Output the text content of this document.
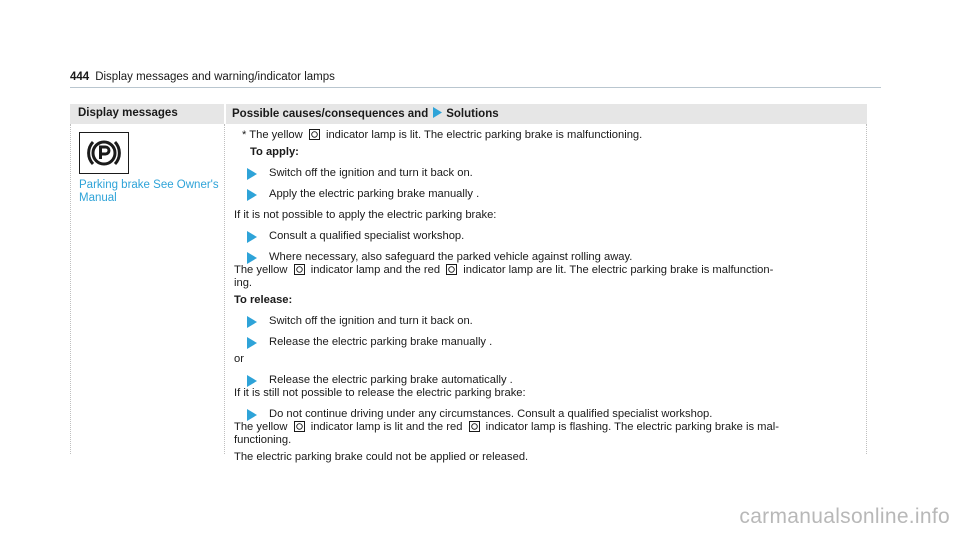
444 Display messages and warning/indicator lamps
Display messages	Possible causes/consequences and Solutions
Parking brake See Owner's Manual
* The yellow indicator lamp is lit. The electric parking brake is malfunctioning.
To apply:
Switch off the ignition and turn it back on.
Apply the electric parking brake manually .
If it is not possible to apply the electric parking brake:
Consult a qualified specialist workshop.
Where necessary, also safeguard the parked vehicle against rolling away.
The yellow indicator lamp and the red indicator lamp are lit. The electric parking brake is malfunction-
ing.
To release:
Switch off the ignition and turn it back on.
Release the electric parking brake manually .
or
Release the electric parking brake automatically .
If it is still not possible to release the electric parking brake:
Do not continue driving under any circumstances. Consult a qualified specialist workshop.
The yellow indicator lamp is lit and the red indicator lamp is flashing. The electric parking brake is mal-
functioning.
The electric parking brake could not be applied or released.
carmanualsonline.info
